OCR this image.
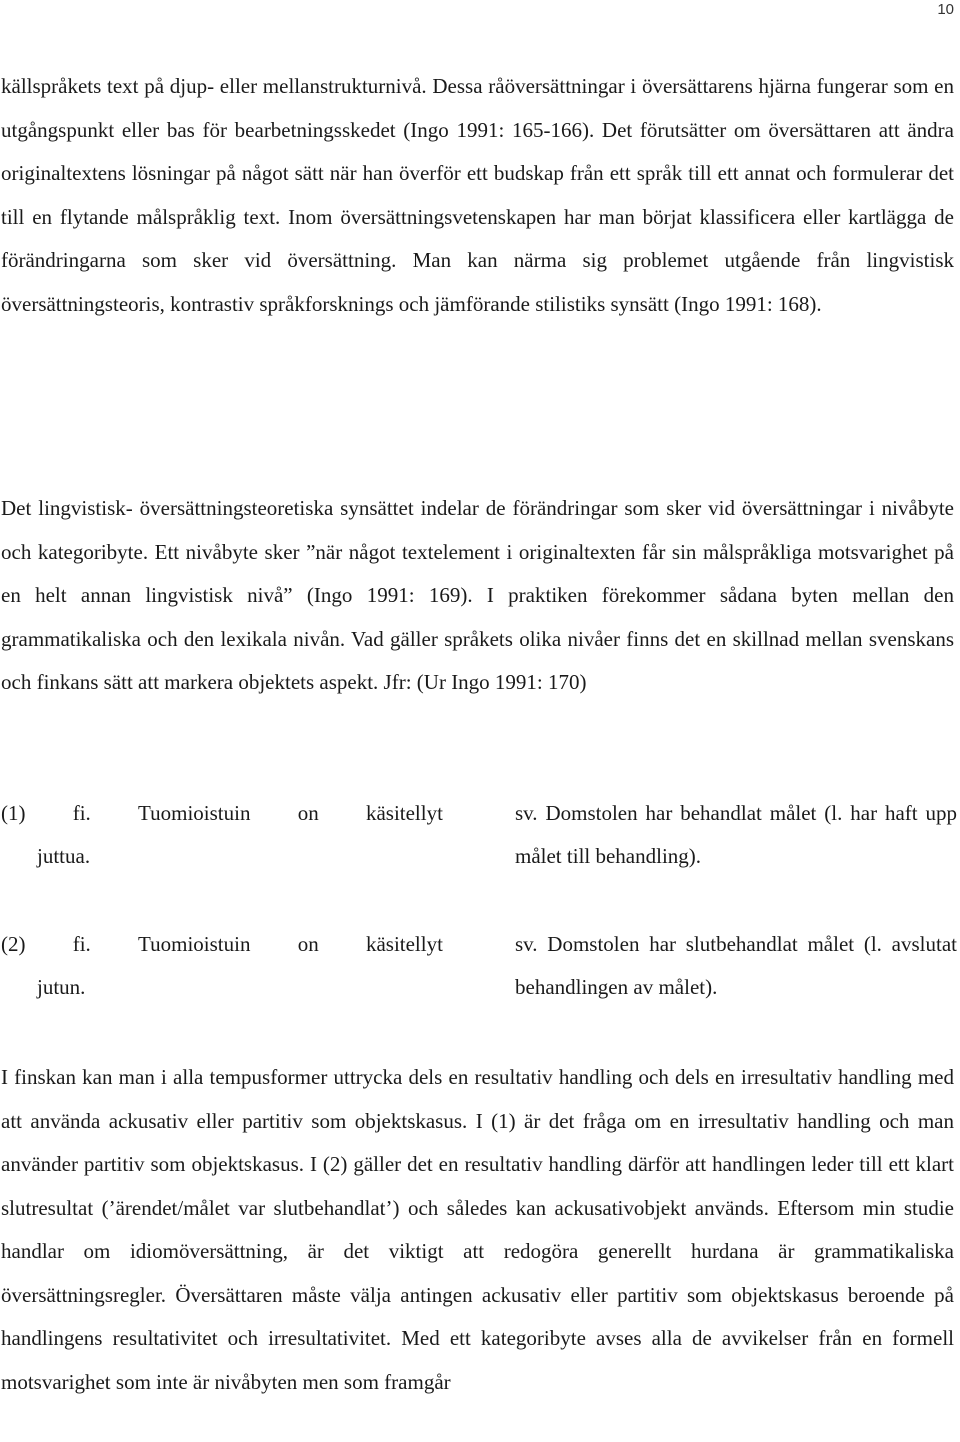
10

källspråkets text på djup- eller mellanstrukturnivå. Dessa råöversättningar i översättarens hjärna fungerar som en utgångspunkt eller bas för bearbetningsskedet (Ingo 1991: 165-166). Det förutsätter om översättaren att ändra originaltextens lösningar på något sätt när han överför ett budskap från ett språk till ett annat och formulerar det till en flytande målspråklig text. Inom översättningsvetenskapen har man börjat klassificera eller kartlägga de förändringarna som sker vid översättning. Man kan närma sig problemet utgående från lingvistisk översättningsteoris, kontrastiv språkforsknings och jämförande stilistiks synsätt (Ingo 1991: 168).

Det lingvistisk- översättningsteoretiska synsättet indelar de förändringar som sker vid översättningar i nivåbyte och kategoribyte. Ett nivåbyte sker ”när något textelement i originaltexten får sin målspråkliga motsvarighet på en helt annan lingvistisk nivå” (Ingo 1991: 169). I praktiken förekommer sådana byten mellan den grammatikaliska och den lexikala nivån. Vad gäller språkets olika nivåer finns det en skillnad mellan svenskans och finkans sätt att markera objektets aspekt. Jfr: (Ur Ingo 1991: 170)

(1) fi. Tuomioistuin on käsitellyt
juttua.
sv. Domstolen har behandlat målet (l. har haft upp målet till behandling).
(2) fi. Tuomioistuin on käsitellyt
jutun.
sv. Domstolen har slutbehandlat målet (l. avslutat behandlingen av målet).

I finskan kan man i alla tempusformer uttrycka dels en resultativ handling och dels en irresultativ handling med att använda ackusativ eller partitiv som objektskasus. I (1) är det fråga om en irresultativ handling och man använder partitiv som objektskasus. I (2) gäller det en resultativ handling därför att handlingen leder till ett klart slutresultat (’ärendet/målet var slutbehandlat’) och således kan ackusativobjekt används. Eftersom min studie handlar om idiomöversättning, är det viktigt att redogöra generellt hurdana är grammatikaliska översättningsregler. Översättaren måste välja antingen ackusativ eller partitiv som objektskasus beroende på handlingens resultativitet och irresultativitet. Med ett kategoribyte avses alla de avvikelser från en formell motsvarighet som inte är nivåbyten men som framgår
